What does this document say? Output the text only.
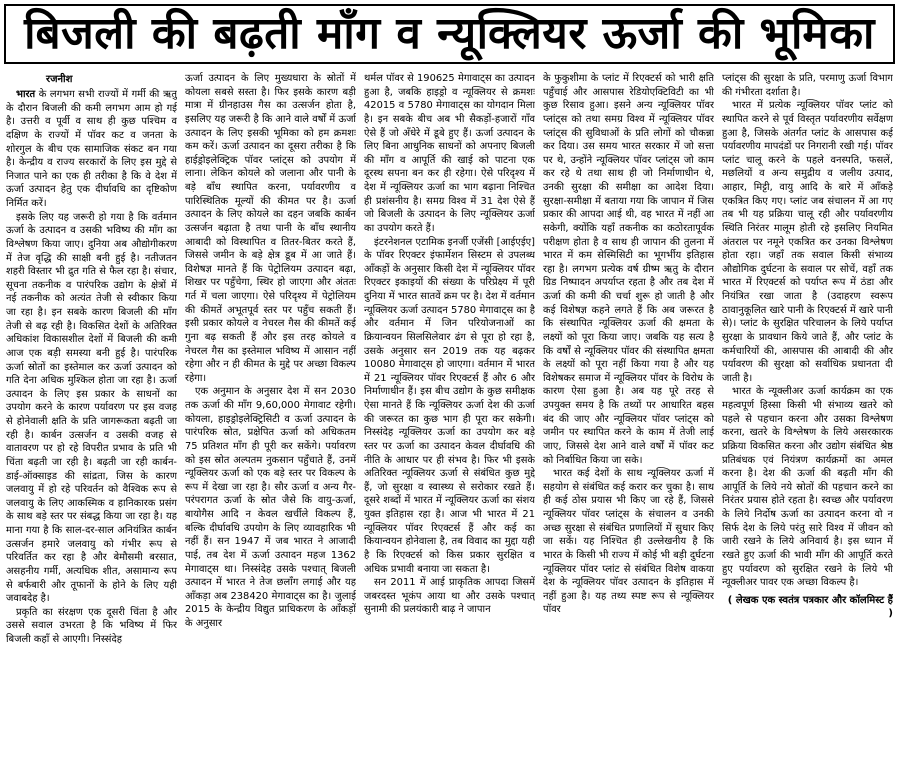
बिजली की बढ़ती माँग व न्यूक्लियर ऊर्जा की भूमिका
रजनीश

भारत के लगभग सभी राज्यों में गर्मी की ऋतु के दौरान बिजली की कमी लगभग आम हो गई है। उत्तरी व पूर्वी व साथ ही कुछ पश्चिम व दक्षिण के राज्यों में पॉवर कट व जनता के शोरगुल के बीच एक सामाजिक संकट बन गया है। केन्द्रीय व राज्य सरकारों के लिए इस मुद्दे से निजात पाने का एक ही तरीका है कि वे देश में ऊर्जा उत्पादन हेतु एक दीर्घावधि का दृष्टिकोण निर्मित करें।

इसके लिए यह जरूरी हो गया है कि वर्तमान ऊर्जा के उत्पादन व उसकी भविष्य की माँग का विश्लेषण किया जाए। दुनिया अब औद्योगीकरण में तेज वृद्धि की साक्षी बनी हुई है। नतीजतन शहरी विस्तार भी द्रुत गति से फैल रहा है। संचार, सूचना तकनीक व पारंपरिक उद्योग के क्षेत्रों में नई तकनीक को अत्यंत तेजी से स्वीकार किया जा रहा है। इन सबके कारण बिजली की माँग तेजी से बढ़ रही है। विकसित देशों के अतिरिक्त अधिकांश विकासशील देशों में बिजली की कमी आज एक बड़ी समस्या बनी हुई है। पारंपरिक ऊर्जा स्रोतों का इस्तेमाल कर ऊर्जा उत्पादन को गति देना अधिक मुश्किल होता जा रहा है। ऊर्जा उत्पादन के लिए इस प्रकार के साधनों का उपयोग करने के कारण पर्यावरण पर इस वजह से होनेवाली क्षति के प्रति जागरूकता बढ़ती जा रही है। कार्बन उत्सर्जन व उसकी वजह से वातावरण पर हो रहे विपरीत प्रभाव के प्रति भी चिंता बढ़ती जा रही है। बढ़ती जा रही कार्बन-डाई-ऑक्साइड की सांद्रता, जिस के कारण जलवायु में हो रहे परिवर्तन को वैश्विक रूप से जलवायु के लिए आकस्मिक व हानिकारक प्रसंग के साथ बड़े स्तर पर संबद्ध किया जा रहा है। यह माना गया है कि साल-दर-साल अनियंत्रित कार्बन उत्सर्जन हमारे जलवायु को गंभीर रूप से परिवर्तित कर रहा है और बेमौसमी बरसात, असहनीय गर्मी, अत्यधिक शीत, असामान्य रूप से बर्फबारी और तूफानों के होने के लिए यही जवाबदेह है।

प्रकृति का संरक्षण एक दूसरी चिंता है और उससे सवाल उभरता है कि भविष्य में फिर बिजली कहाँ से आएगी। निस्संदेह

ऊर्जा उत्पादन के लिए मुख्यधारा के स्रोतों में कोयला सबसे सस्ता है। फिर इसके कारण बड़ी मात्रा में ग्रीनहाउस गैस का उत्सर्जन होता है, इसलिए यह जरूरी है कि आने वाले वर्षों में ऊर्जा उत्पादन के लिए इसकी भूमिका को हम क्रमशः कम करें। ऊर्जा उत्पादन का दूसरा तरीका है कि हाईड्रोइलेक्ट्रिक पॉवर प्लांट्स को उपयोग में लाना। लेकिन कोयले को जलाना और पानी के बड़े बाँध स्थापित करना, पर्यावरणीय व पारिस्थितिक मूल्यों की कीमत पर है। ऊर्जा उत्पादन के लिए कोयले का दहन जबकि कार्बन उत्सर्जन बढ़ाता है तथा पानी के बाँध स्थानीय आबादी को विस्थापित व तितर-बितर करते हैं, जिससे जमीन के बड़े क्षेत्र डूब में आ जाते हैं। विशेषज्ञ मानते हैं कि पेट्रोलियम उत्पादन बढ़ा, शिखर पर पहुँचेगा, स्थिर हो जाएगा और अंततः गर्त में चला जाएगा। ऐसे परिदृश्य में पेट्रोलियम की कीमतें अभूतपूर्व स्तर पर पहुँच सकती हैं। इसी प्रकार कोयले व नेचरल गैस की कीमतें कई गुना बढ़ सकती हैं और इस तरह कोयले व नेचरल गैस का इस्तेमाल भविष्य में आसान नहीं रहेगा और न ही कीमत के मुद्दे पर अच्छा विकल्प रहेगा।

एक अनुमान के अनुसार देश में सन 2030 तक ऊर्जा की माँग 9,60,000 मेगावाट रहेगी। कोयला, हाइड्रोइलेक्ट्रिसिटी व ऊर्जा उत्पादन के पारंपरिक स्रोत, प्रक्षेपित ऊर्जा को अधिकतम 75 प्रतिशत माँग ही पूरी कर सकेंगे। पर्यावरण को इस स्रोत अल्पतम नुकसान पहुँचाते हैं, उनमें न्यूक्लियर ऊर्जा को एक बड़े स्तर पर विकल्प के रूप में देखा जा रहा है। सौर ऊर्जा व अन्य गैर-परंपरागत ऊर्जा के स्रोत जैसे कि वायु-ऊर्जा, बायोगैस आदि न केवल खर्चीले विकल्प हैं, बल्कि दीर्घावधि उपयोग के लिए व्यावहारिक भी नहीं हैं। सन 1947 में जब भारत ने आजादी पाई, तब देश में ऊर्जा उत्पादन महज 1362 मेगावाट्स था। निस्संदेह उसके पश्चात् बिजली उत्पादन में भारत ने तेज छलाँग लगाई और यह आँकड़ा अब 238420 मेगावाट्स का है। जुलाई 2015 के केन्द्रीय विद्युत प्राधिकरण के आँकड़ों के अनुसार

थर्मल पॉवर से 190625 मेगावाट्स का उत्पादन हुआ है, जबकि हाइड्रो व न्यूक्लियर से क्रमशः 42015 व 5780 मेगावाट्स का योगदान मिला है। इन सबके बीच अब भी सैकड़ों-हजारों गाँव ऐसे हैं जो अँधेरे में डूबे हुए हैं। ऊर्जा उत्पादन के लिए बिना आधुनिक साधनों को अपनाए बिजली की माँग व आपूर्ति की खाई को पाटना एक दूरस्थ सपना बन कर ही रहेगा। ऐसे परिदृश्य में देश में न्यूक्लियर ऊर्जा का भाग बढ़ाना निश्चित ही प्रशंसनीय है। समग्र विश्व में 31 देश ऐसे हैं जो बिजली के उत्पादन के लिए न्यूक्लियर ऊर्जा का उपयोग करते हैं।

इंटरनेशनल एटामिक इनर्जी एजेंसी [आईएईए] के पॉवर रिएक्टर इंफार्मेशन सिस्टम से उपलब्ध आँकड़ों के अनुसार किसी देश में न्यूक्लियर पॉवर रिएक्टर इकाइयों की संख्या के परिप्रेक्ष्य में पूरी दुनिया में भारत सातवें क्रम पर है। देश में वर्तमान न्यूक्लियर ऊर्जा उत्पादन 5780 मेगावाट्स का है और वर्तमान में जिन परियोजनाओं का क्रियान्वयन सिलसिलेवार ढंग से पूरा हो रहा है, उसके अनुसार सन 2019 तक यह बढ़कर 10080 मेगावाट्स हो जाएगा। वर्तमान में भारत में 21 न्यूक्लियर पॉवर रिएक्टर्स हैं और 6 और निर्माणाधीन हैं। इस बीच उद्योग के कुछ समीक्षक ऐसा मानते हैं कि न्यूक्लियर ऊर्जा देश की ऊर्जा की जरूरत का कुछ भाग ही पूरा कर सकेगी। निस्संदेह न्यूक्लियर ऊर्जा का उपयोग कर बड़े स्तर पर ऊर्जा का उत्पादन केवल दीर्घावधि की नीति के आधार पर ही संभव है। फिर भी इसके अतिरिक्त न्यूक्लियर ऊर्जा से संबंधित कुछ मुद्दे हैं, जो सुरक्षा व स्वास्थ्य से सरोकार रखते हैं। दूसरे शब्दों में भारत में न्यूक्लियर ऊर्जा का संशय युक्त इतिहास रहा है। आज भी भारत में 21 न्यूक्लियर पॉवर रिएक्टर्स हैं और कई का कियान्वयन होनेवाला है, तब विवाद का मुद्दा यही है कि रिएक्टर्स को किस प्रकार सुरक्षित व अधिक प्रभावी बनाया जा सकता है।

सन 2011 में आई प्राकृतिक आपदा जिसमें जबरदस्त भूकंप आया था और उसके पश्चात् सुनामी की प्रलयंकारी बाढ़ ने जापान

के फुकुशीमा के प्लांट में रिएक्टर्स को भारी क्षति पहुँचाई और आसपास रेडियोएक्टिविटी का भी कुछ रिसाव हुआ। इसने अन्य न्यूक्लियर पॉवर प्लांट्स को तथा समग्र विश्व में न्यूक्लियर पॉवर प्लांट्स की सुविधाओं के प्रति लोगों को चौकन्ना कर दिया। उस समय भारत सरकार में जो सत्ता पर थे, उन्होंने न्यूक्लियर पॉवर प्लांट्स जो काम कर रहे थे तथा साथ ही जो निर्माणाधीन थे, उनकी सुरक्षा की समीक्षा का आदेश दिया। सुरक्षा-समीक्षा में बताया गया कि जापान में जिस प्रकार की आपदा आई थी, वह भारत में नहीं आ सकेगी, क्योंकि यहाँ तकनीक का कठोरतापूर्वक परीक्षण होता है व साथ ही जापान की तुलना में भारत में कम सेस्मिसिटी का भूगर्भीय इतिहास रहा है। लगभग प्रत्येक वर्ष ग्रीष्म ऋतु के दौरान ग्रिड निष्पादन अपर्याप्त रहता है और तब देश में ऊर्जा की कमी की चर्चा शुरू हो जाती है और कई विशेषज्ञ कहने लगते हैं कि अब जरूरत है कि संस्थापित न्यूक्लियर ऊर्जा की क्षमता के लक्ष्यों को पूरा किया जाए। जबकि यह सत्य है कि वर्षों से न्यूक्लियर पॉवर की संस्थापित क्षमता के लक्ष्यों को पूरा नहीं किया गया है और यह विशेषकर समाज में न्यूक्लियर पॉवर के विरोध के कारण ऐसा हुआ है। अब यह पूरे तरह से उपयुक्त समय है कि तथ्यों पर आधारित बहस बंद की जाए और न्यूक्लियर पॉवर प्लांट्स को जमीन पर स्थापित करने के काम में तेजी लाई जाए, जिससे देश आने वाले वर्षों में पॉवर कट को निर्बाधित किया जा सके।

भारत कई देशों के साथ न्यूक्लियर ऊर्जा में सहयोग से संबंधित कई करार कर चुका है। साथ ही कई ठोस प्रयास भी किए जा रहे हैं, जिससे न्यूक्लियर पॉवर प्लांट्स के संचालन व उनकी अच्छ सुरक्षा से संबंधित प्रणालियों में सुधार किए जा सकें। यह निश्चित ही उल्लेखनीय है कि भारत के किसी भी राज्य में कोई भी बड़ी दुर्घटना न्यूक्लियर पॉवर प्लांट से संबंधित विशेष वाकया देश के न्यूक्लियर पॉवर उत्पादन के इतिहास में नहीं हुआ है। यह तथ्य स्पष्ट रूप से न्यूक्लियर पॉवर

प्लांट्स की सुरक्षा के प्रति, परमाणु ऊर्जा विभाग की गंभीरता दर्शाता है।

भारत में प्रत्येक न्यूक्लियर पॉवर प्लांट को स्थापित करने से पूर्व विस्तृत पर्यावरणीय सर्वेक्षण हुआ है, जिसके अंतर्गत प्लांट के आसपास कई पर्यावरणीय मापदंडों पर निगरानी रखी गई। पॉवर प्लांट चालू करने के पहले वनस्पति, फसलें, मछलियों व अन्य समुद्रीय व जलीय उत्पाद, आहार, मिट्टी, वायु आदि के बारे में आँकड़े एकत्रित किए गए। प्लांट जब संचालन में आ गए तब भी यह प्रक्रिया चालू रही और पर्यावरणीय स्थिति निरंतर मालूम होती रहे इसलिए नियमित अंतराल पर नमूने एकत्रित कर उनका विश्लेषण होता रहा। जहाँ तक सवाल किसी संभाव्य औद्योगिक दुर्घटना के सवाल पर सोचें, वहाँ तक भारत में रिएक्टर्स को पर्याप्त रूप में ठंडा और नियंत्रित रखा जाता है (उदाहरण स्वरूप ठावानुकूलित खारे पानी के रिएक्टर्स में खारे पानी से)। प्लांट के सुरक्षित परिचालन के लिये पर्याप्त सुरक्षा के प्रावधान किये जाते हैं, और प्लांट के कर्मचारियों की, आसपास की आबादी की और पर्यावरण की सुरक्षा को सर्वाधिक प्रधानता दी जाती है।

भारत के न्यूक्लीअर ऊर्जा कार्यक्रम का एक महत्वपूर्ण हिस्सा किसी भी संभाव्य खतरे को पहले से पहचान करना और उसका विश्लेषण करना, खतरे के विश्लेषण के लिये असरकारक प्रक्रिया विकसित करना और उद्योग संबंधित श्रेष्ठ प्रतिबंधक एवं नियंत्रण कार्यक्रमों का अमल करना है। देश की ऊर्जा की बढ़ती माँग की आपूर्ति के लिये नये स्रोतों की पहचान करने का निरंतर प्रयास होते रहता है। स्वच्छ और पर्यावरण के लिये निर्दोष ऊर्जा का उत्पादन करना वो न सिर्फ देश के लिये परंतु सारे विश्व में जीवन को जारी रखने के लिये अनिवार्य है। इस ध्यान में रखते हुए ऊर्जा की भावी माँग की आपूर्ति करते हुए पर्यावरण को सुरक्षित रखने के लिये भी न्यूक्लीअर पावर एक अच्छा विकल्प है।

( लेखक एक स्वतंत्र पत्रकार और कॉलमिस्ट हैं )
